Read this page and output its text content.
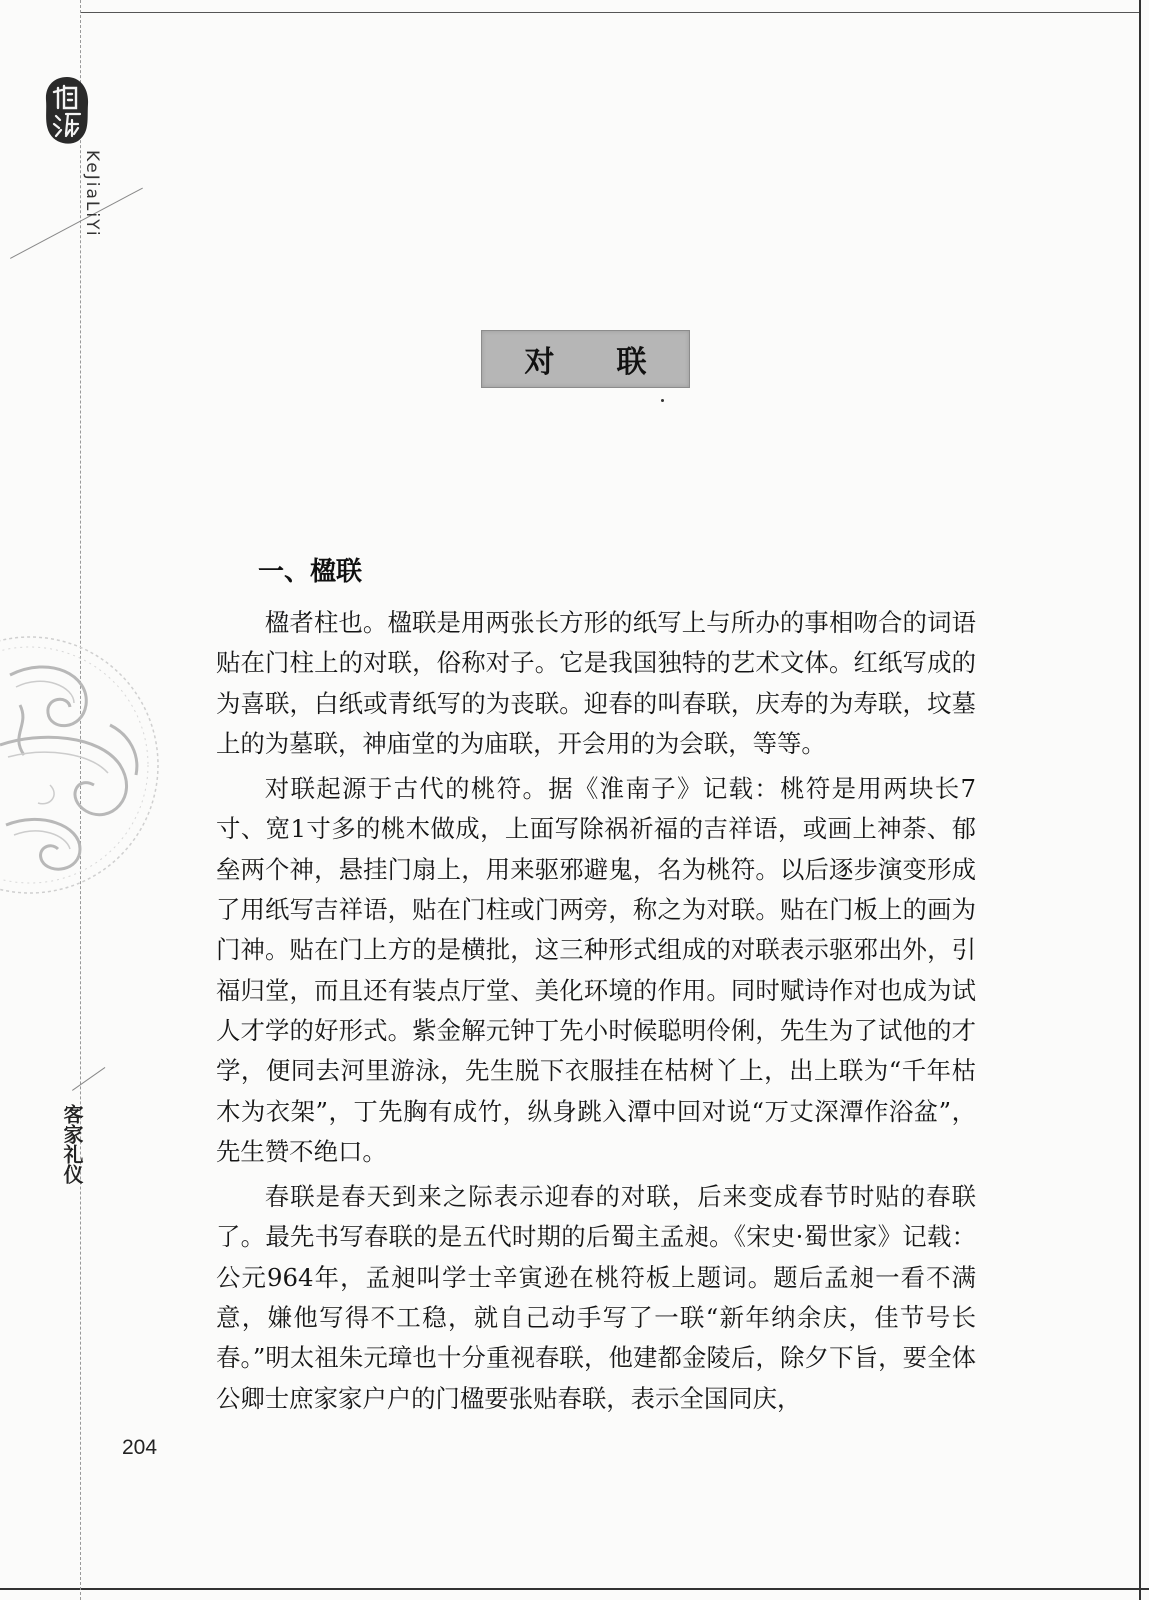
KeJiaLiYi
客家礼仪
对联
一、楹联

楹者柱也。楹联是用两张长方形的纸写上与所办的事相吻合的词语贴在门柱上的对联，俗称对子。它是我国独特的艺术文体。红纸写成的为喜联，白纸或青纸写的为丧联。迎春的叫春联，庆寿的为寿联，坟墓上的为墓联，神庙堂的为庙联，开会用的为会联，等等。

对联起源于古代的桃符。据《淮南子》记载：桃符是用两块长7寸、宽1寸多的桃木做成，上面写除祸祈福的吉祥语，或画上神荼、郁垒两个神，悬挂门扇上，用来驱邪避鬼，名为桃符。以后逐步演变形成了用纸写吉祥语，贴在门柱或门两旁，称之为对联。贴在门板上的画为门神。贴在门上方的是横批，这三种形式组成的对联表示驱邪出外，引福归堂，而且还有装点厅堂、美化环境的作用。同时赋诗作对也成为试人才学的好形式。紫金解元钟丁先小时候聪明伶俐，先生为了试他的才学，便同去河里游泳，先生脱下衣服挂在枯树丫上，出上联为“千年枯木为衣架”，丁先胸有成竹，纵身跳入潭中回对说“万丈深潭作浴盆”，先生赞不绝口。

春联是春天到来之际表示迎春的对联，后来变成春节时贴的春联了。最先书写春联的是五代时期的后蜀主孟昶。《宋史·蜀世家》记载：公元964年，孟昶叫学士辛寅逊在桃符板上题词。题后孟昶一看不满意，嫌他写得不工稳，就自己动手写了一联“新年纳余庆，佳节号长春。”明太祖朱元璋也十分重视春联，他建都金陵后，除夕下旨，要全体公卿士庶家家户户的门楹要张贴春联，表示全国同庆，

204
